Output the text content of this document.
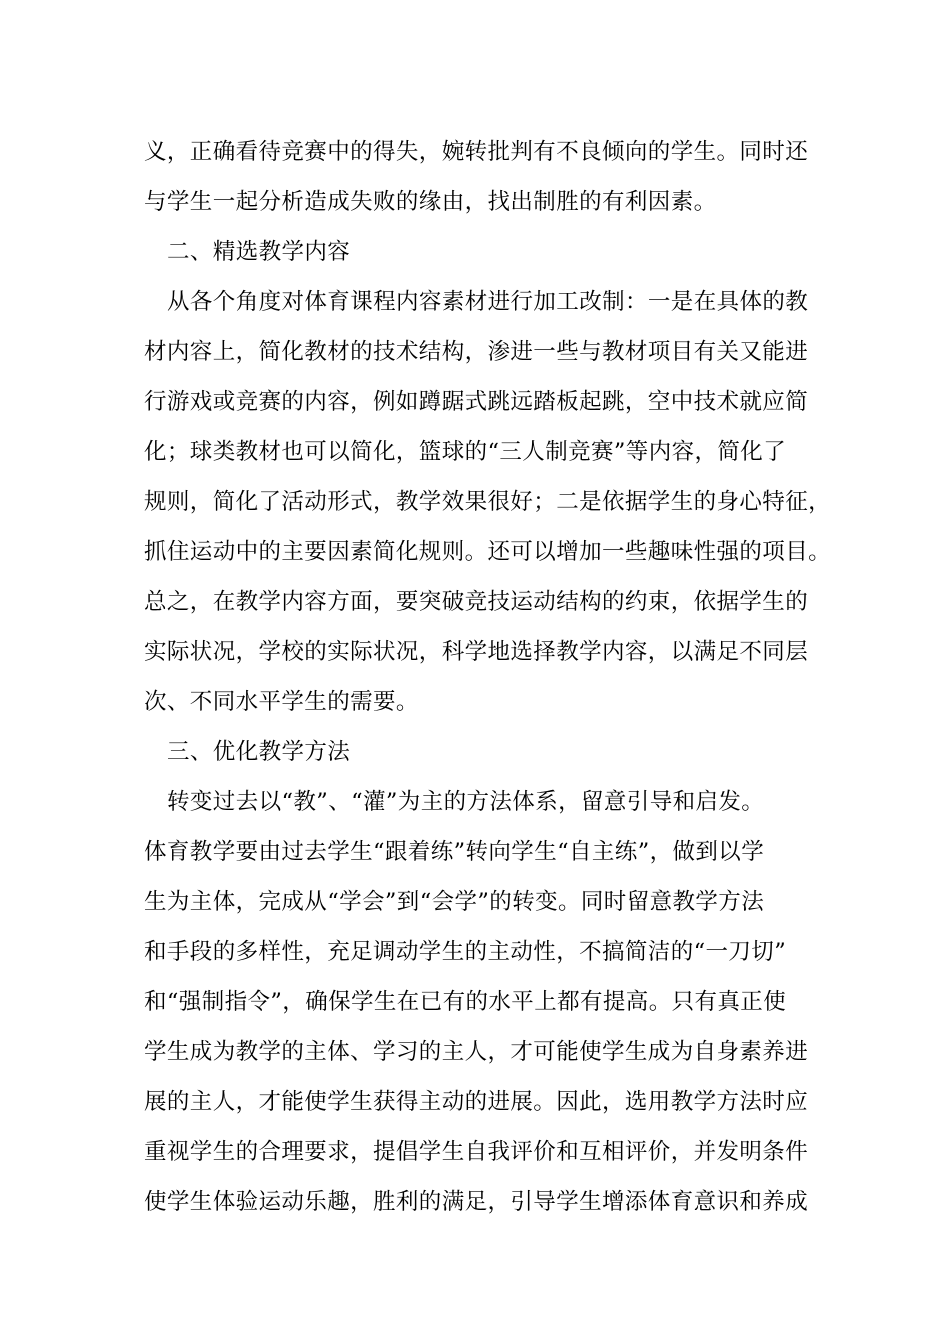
义，正确看待竞赛中的得失，婉转批判有不良倾向的学生。同时还
与学生一起分析造成失败的缘由，找出制胜的有利因素。
二、精选教学内容
从各个角度对体育课程内容素材进行加工改制：一是在具体的教
材内容上，简化教材的技术结构，渗进一些与教材项目有关又能进
行游戏或竞赛的内容，例如蹲踞式跳远踏板起跳，空中技术就应简
化；球类教材也可以简化，篮球的“三人制竞赛”等内容，简化了
规则，简化了活动形式，教学效果很好；二是依据学生的身心特征，
抓住运动中的主要因素简化规则。还可以增加一些趣味性强的项目。
总之，在教学内容方面，要突破竞技运动结构的约束，依据学生的
实际状况，学校的实际状况，科学地选择教学内容，以满足不同层
次、不同水平学生的需要。
三、优化教学方法
转变过去以“教”、“灌”为主的方法体系，留意引导和启发。
体育教学要由过去学生“跟着练”转向学生“自主练”，做到以学
生为主体，完成从“学会”到“会学”的转变。同时留意教学方法
和手段的多样性，充足调动学生的主动性，不搞简洁的“一刀切”
和“强制指令”，确保学生在已有的水平上都有提高。只有真正使
学生成为教学的主体、学习的主人，才可能使学生成为自身素养进
展的主人，才能使学生获得主动的进展。因此，选用教学方法时应
重视学生的合理要求，提倡学生自我评价和互相评价，并发明条件
使学生体验运动乐趣，胜利的满足，引导学生增添体育意识和养成
